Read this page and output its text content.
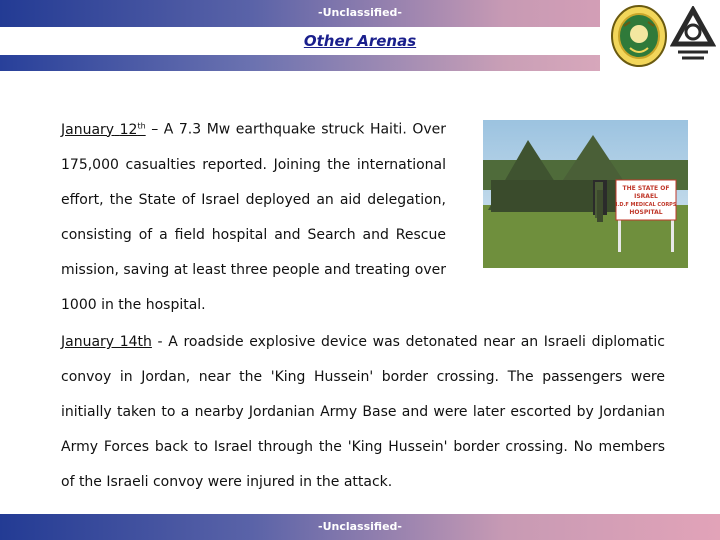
-Unclassified-
Other Arenas
January 12th – A 7.3 Mw earthquake struck Haiti. Over 175,000 casualties reported. Joining the international effort, the State of Israel deployed an aid delegation, consisting of a field hospital and Search and Rescue mission, saving at least three people and treating over 1000 in the hospital.
THE STATE OF
ISRAEL
I.D.F MEDICAL CORPS
HOSPITAL
January 14th - A roadside explosive device was detonated near an Israeli diplomatic convoy in Jordan, near the 'King Hussein' border crossing. The passengers were initially taken to a nearby Jordanian Army Base and were later escorted by Jordanian Army Forces back to Israel through the 'King Hussein' border crossing. No members of the Israeli convoy were injured in the attack.
-Unclassified-
